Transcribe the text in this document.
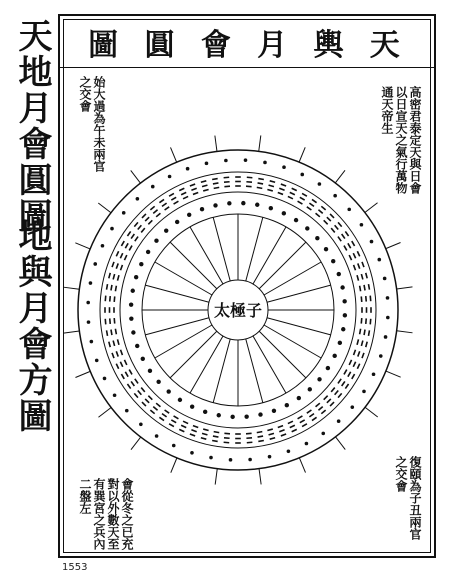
天地月會圓圖
地與月會方圖
圖 圓 會 月 輿 天
高密君泰定天與日會以日宣天之氣行萬物通天帝生
始大過為午未兩官之交會
復頤為子丑兩官之交會
會從冬之已充對以外數天至有巽宮之兵內二盤左
太極子
1553
